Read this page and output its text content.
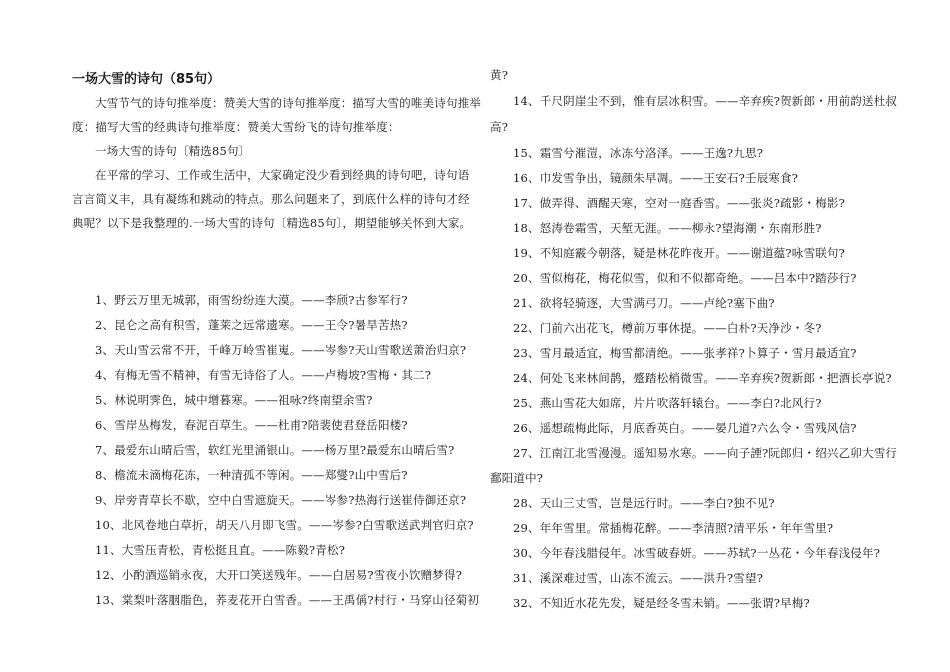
一场大雪的诗句（85句）
大雪节气的诗句推举度：赞美大雪的诗句推举度：描写大雪的唯美诗句推举
度：描写大雪的经典诗句推举度：赞美大雪纷飞的诗句推举度：
一场大雪的诗句〔精选85句〕
在平常的学习、工作或生活中，大家确定没少看到经典的诗句吧，诗句语
言言简义丰，具有凝练和跳动的特点。那么问题来了，到底什么样的诗句才经
典呢？以下是我整理的.一场大雪的诗句〔精选85句〕，期望能够关怀到大家。
1、野云万里无城郭，雨雪纷纷连大漠。——李颀?古参军行?
2、昆仑之高有积雪，蓬莱之远常遗寒。——王令?暑旱苦热?
3、天山雪云常不开，千峰万岭雪崔嵬。——岑参?天山雪歌送萧治归京?
4、有梅无雪不精神，有雪无诗俗了人。——卢梅坡?雪梅・其二?
5、林说明霁色，城中增暮寒。——祖咏?终南望余雪?
6、雪岸丛梅发，春泥百草生。——杜甫?陪裴使君登岳阳楼?
7、最爱东山晴后雪，软红光里涌银山。——杨万里?最爱东山晴后雪?
8、檐流未滴梅花冻，一种清孤不等闲。——郑燮?山中雪后?
9、岸旁青草长不歇，空中白雪遮旋天。——岑参?热海行送崔侍御还京?
10、北风卷地白草折，胡天八月即飞雪。——岑参?白雪歌送武判官归京?
11、大雪压青松，青松挺且直。——陈毅?青松?
12、小酌酒巡销永夜，大开口笑送残年。——白居易?雪夜小饮赠梦得?
13、棠梨叶落胭脂色，荞麦花开白雪香。——王禹偁?村行・马穿山径菊初
黄?
14、千尺阴崖尘不到，惟有层冰积雪。——辛弃疾?贺新郎・用前韵送杜叔
高?
15、霜雪兮漼溰，冰冻兮洛泽。——王逸?九思?
16、巾发雪争出，镜颜朱早凋。——王安石?壬辰寒食?
17、做弄得、酒醒天寒，空对一庭香雪。——张炎?疏影・梅影?
18、怒涛卷霜雪，天堑无涯。——柳永?望海潮・东南形胜?
19、不知庭霰今朝落，疑是林花昨夜开。——谢道蕴?咏雪联句?
20、雪似梅花，梅花似雪，似和不似都奇绝。——吕本中?踏莎行?
21、欲将轻骑逐，大雪满弓刀。——卢纶?塞下曲?
22、门前六出花飞，樽前万事休提。——白朴?天净沙・冬?
23、雪月最适宜，梅雪都清绝。——张孝祥?卜算子・雪月最适宜?
24、何处飞来林间鹊，蹙踏松梢微雪。——辛弃疾?贺新郎・把酒长亭说?
25、燕山雪花大如席，片片吹落轩辕台。——李白?北风行?
26、遥想疏梅此际，月底香英白。——晏几道?六么令・雪残风信?
27、江南江北雪漫漫。遥知易水寒。——向子諲?阮郎归・绍兴乙卯大雪行
鄱阳道中?
28、天山三丈雪，岂是远行时。——李白?独不见?
29、年年雪里。常插梅花醉。——李清照?清平乐・年年雪里?
30、今年春浅腊侵年。冰雪破春妍。——苏轼?一丛花・今年春浅侵年?
31、溪深难过雪，山冻不流云。——洪升?雪望?
32、不知近水花先发，疑是经冬雪未销。——张谓?早梅?
